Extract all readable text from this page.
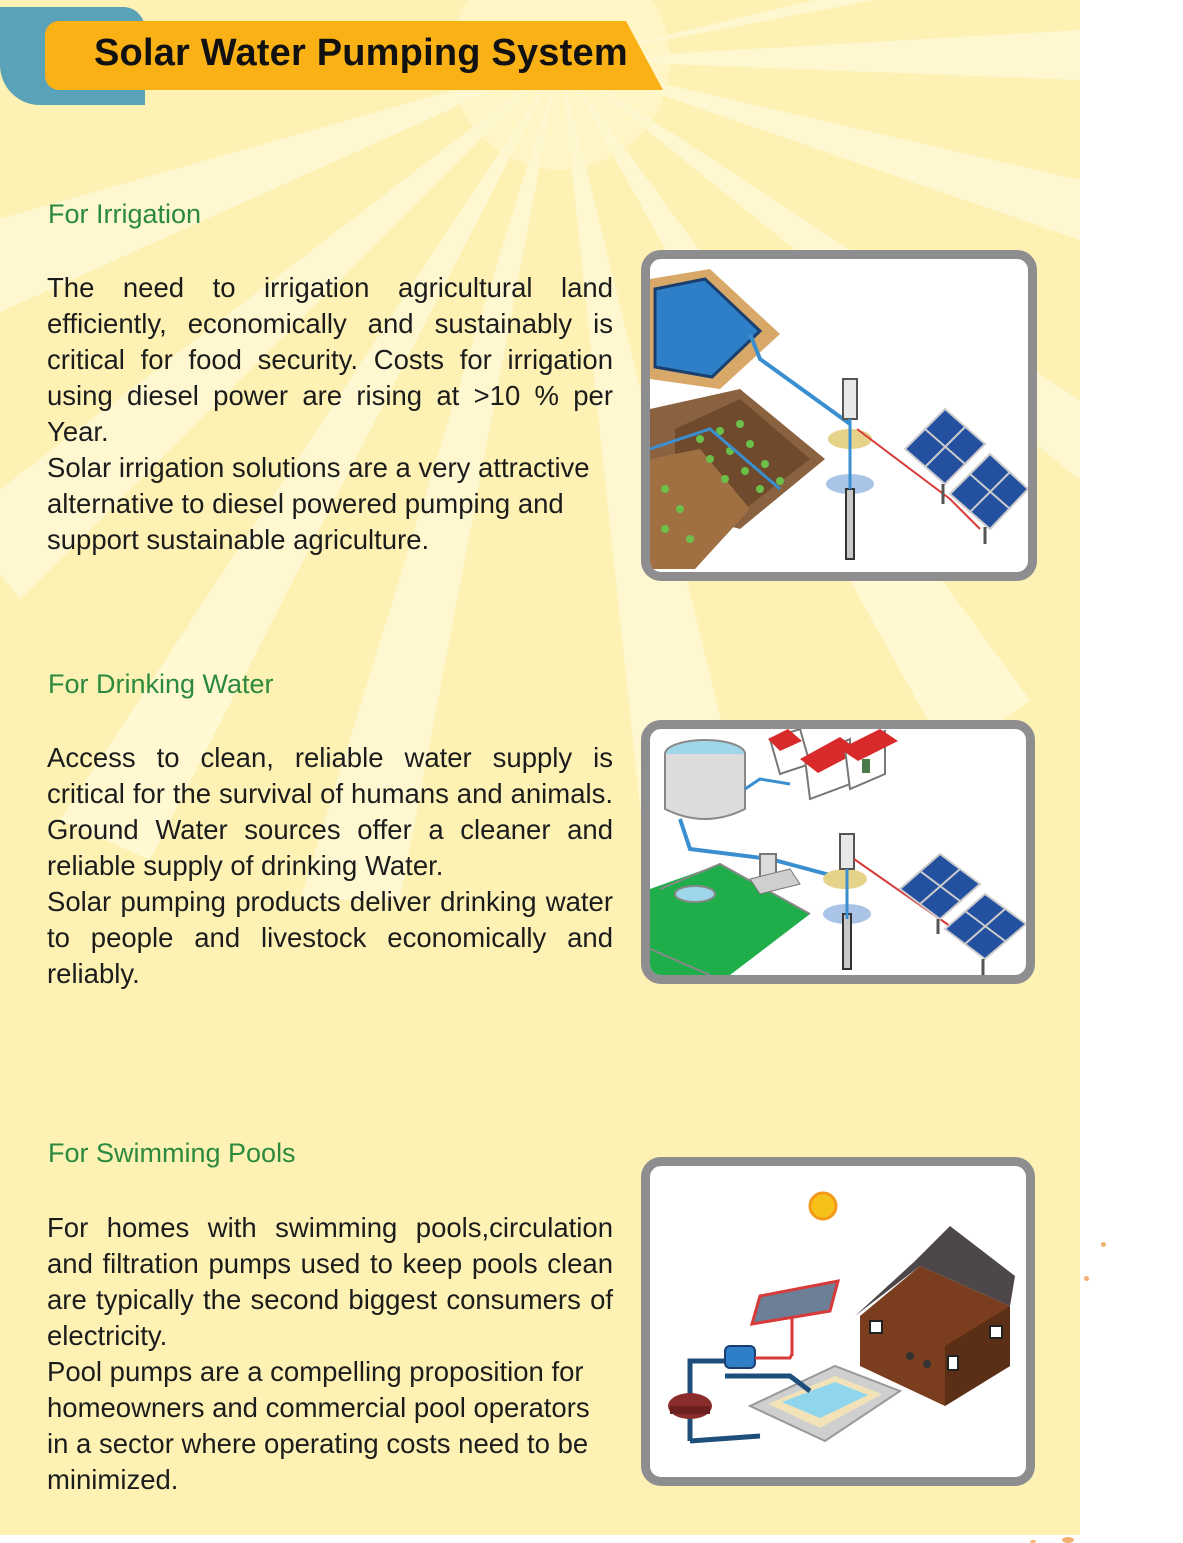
Solar Water Pumping System
For Irrigation

The need to irrigation agricultural land efficiently, economically and sustainably is critical for food security. Costs for irrigation using diesel power are rising at >10 % per Year.

Solar irrigation solutions are a very attractive alternative to diesel powered pumping and support sustainable agriculture.

For Drinking Water

Access to clean, reliable water supply is critical for the survival of humans and animals. Ground Water sources offer a cleaner and reliable supply of drinking Water.

Solar pumping products deliver drinking water to people and livestock economically and reliably.

For Swimming Pools

For homes with swimming pools,circulation and filtration pumps used to keep pools clean are typically the second biggest consumers of electricity.

Pool pumps are a compelling proposition for homeowners and commercial pool operators in a sector where operating costs need to be minimized.
